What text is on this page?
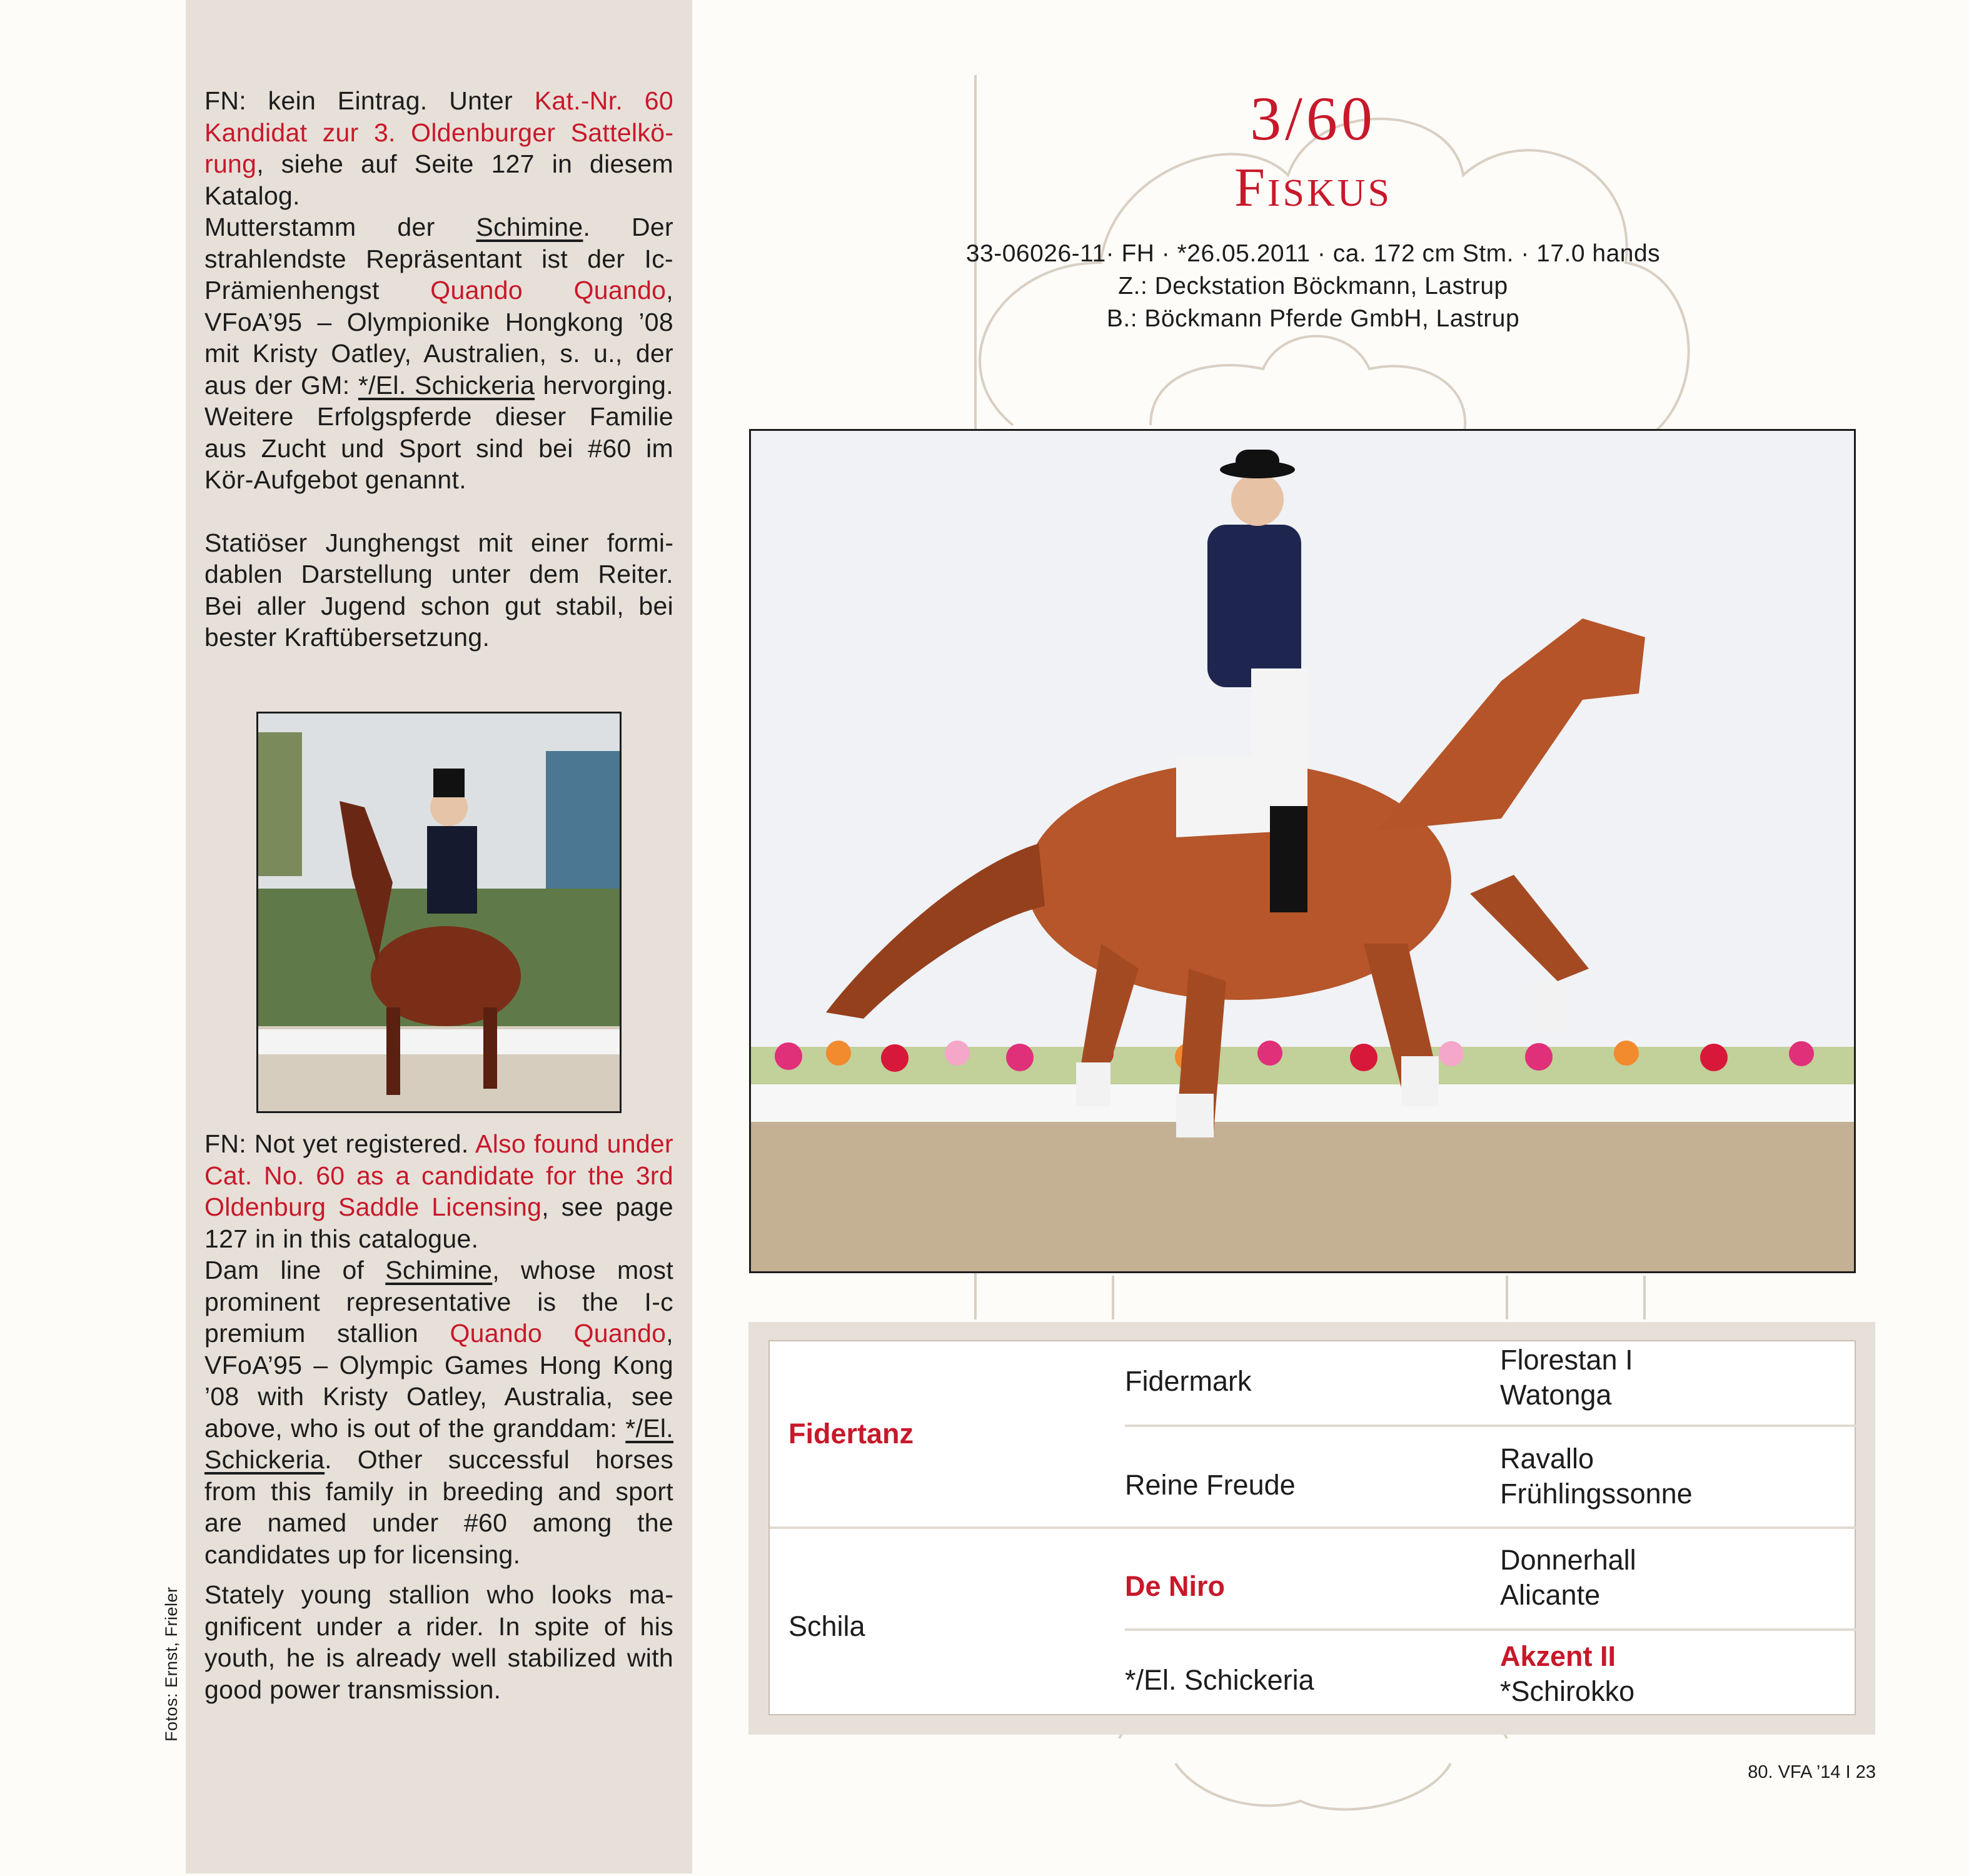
FN: kein Eintrag. Unter Kat.-Nr. 60 Kandidat zur 3. Oldenburger Sattelkörung, siehe auf Seite 127 in diesem Katalog.

Mutterstamm der Schimine. Der strahlendste Repräsentant ist der Ic-Prämienhengst Quando Quando, VFoA’95 – Olympionike Hongkong ’08 mit Kristy Oatley, Australien, s. u., der aus der GM: */El. Schickeria hervorging. Weitere Erfolgspferde dieser Familie aus Zucht und Sport sind bei #60 im Kör-Aufgebot genannt.

Statiöser Junghengst mit einer formidablen Darstellung unter dem Reiter. Bei aller Jugend schon gut stabil, bei bester Kraftübersetzung.

FN: Not yet registered. Also found under Cat. No. 60 as a candidate for the 3rd Oldenburg Saddle Licensing, see page 127 in in this catalogue.

Dam line of Schimine, whose most prominent representative is the I-c premium stallion Quando Quando, VFoA’95 – Olympic Games Hong Kong ’08 with Kristy Oatley, Australia, see above, who is out of the granddam: */El. Schickeria. Other successful horses from this family in breeding and sport are named under #60 among the candidates up for licensing.

Stately young stallion who looks magnificent under a rider. In spite of his youth, he is already well stabilized with good power transmission.

Fotos: Ernst, Frieler
3/60
Fiskus
33-06026-11· FH · *26.05.2011 · ca. 172 cm Stm. · 17.0 hands
Z.: Deckstation Böckmann, Lastrup
B.: Böckmann Pferde GmbH, Lastrup
Fidertanz
Schila
Fidermark
Reine Freude
De Niro
*/El. Schickeria
Florestan I
Watonga
Ravallo
Frühlingssonne
Donnerhall
Alicante
Akzent II
*Schirokko
80. VFA ’14 I 23
